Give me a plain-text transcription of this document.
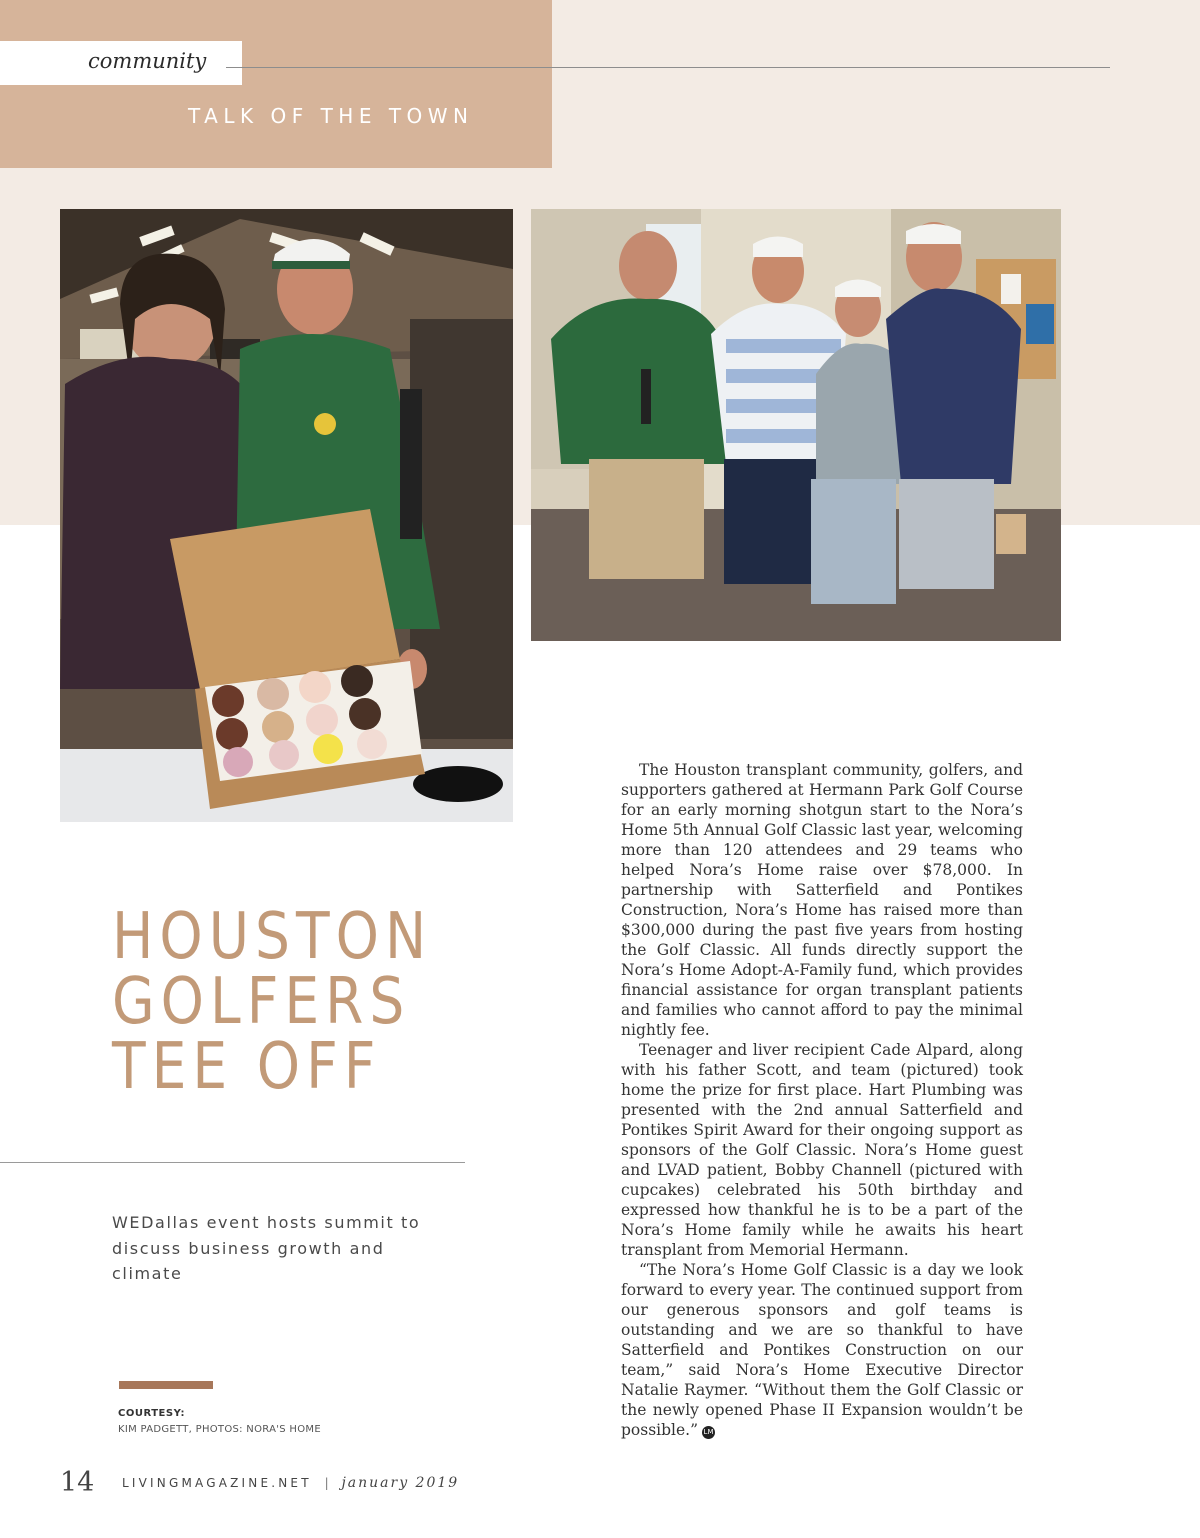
community
TALK OF THE TOWN
HOUSTON
GOLFERS
TEE OFF

WEDallas event hosts summit to discuss business growth and climate

COURTESY:
KIM PADGETT, PHOTOS: NORA'S HOME

The Houston transplant community, golfers, and supporters gathered at Hermann Park Golf Course for an early morning shotgun start to the Nora’s Home 5th Annual Golf Classic last year, welcoming more than 120 attendees and 29 teams who helped Nora’s Home raise over $78,000. In partnership with Satterfield and Pontikes Construction, Nora’s Home has raised more than $300,000 during the past five years from hosting the Golf Classic. All funds directly support the Nora’s Home Adopt-A-Family fund, which provides financial assistance for organ transplant patients and families who cannot afford to pay the minimal nightly fee.

Teenager and liver recipient Cade Alpard, along with his father Scott, and team (pictured) took home the prize for first place. Hart Plumbing was presented with the 2nd annual Satterfield and Pontikes Spirit Award for their ongoing support as sponsors of the Golf Classic. Nora’s Home guest and LVAD patient, Bobby Channell (pictured with cupcakes) celebrated his 50th birthday and expressed how thankful he is to be a part of the Nora’s Home family while he awaits his heart transplant from Memorial Hermann.

“The Nora’s Home Golf Classic is a day we look forward to every year. The continued support from our generous sponsors and golf teams is outstanding and we are so thankful to have Satterfield and Pontikes Construction on our team,” said Nora’s Home Executive Director Natalie Raymer. “Without them the Golf Classic or the newly opened Phase II Expansion wouldn’t be possible.” LM

14 LIVINGMAGAZINE.NET | january 2019
